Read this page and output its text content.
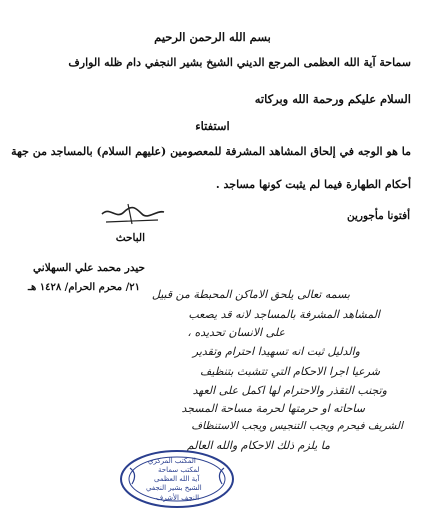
بسم الله الرحمن الرحيم
سماحة آية الله العظمى المرجع الديني الشيخ بشير النجفي دام ظله الوارف
السلام عليكم ورحمة الله وبركاته
استفتاء
ما هو الوجه في إلحاق المشاهد المشرفة للمعصومين (عليهم السلام) بالمساجد من جهة
أحكام الطهارة فيما لم يثبت كونها مساجد .
أفتونا مأجورين
الباحث
حيدر محمد علي السهلاني
٢١/ محرم الحرام/ ١٤٢٨ هـ
بسمه تعالى يلحق الاماكن المحبطة من قبيل
المشاهد المشرفة بالمساجد لانه قد يصعب
على الانسان تحديده ،
والدليل ثبت انه تسهيدا احترام وتقدير
شرعيا اجرا الاحكام التي تتشبث بتنظيف
وتجنب التقذر والاحترام لها اكمل على العهد
ساحاته او حرمتها لحرمة مساحة المسجد
الشريف فيحرم ويجب التنجيس ويجب الاستنظاف
ما يلزم ذلك الاحكام والله العالم
المكتب المركزي
لمكتب سماحة
آية الله العظمى
الشيخ بشير النجفي
النجف الأشرف
